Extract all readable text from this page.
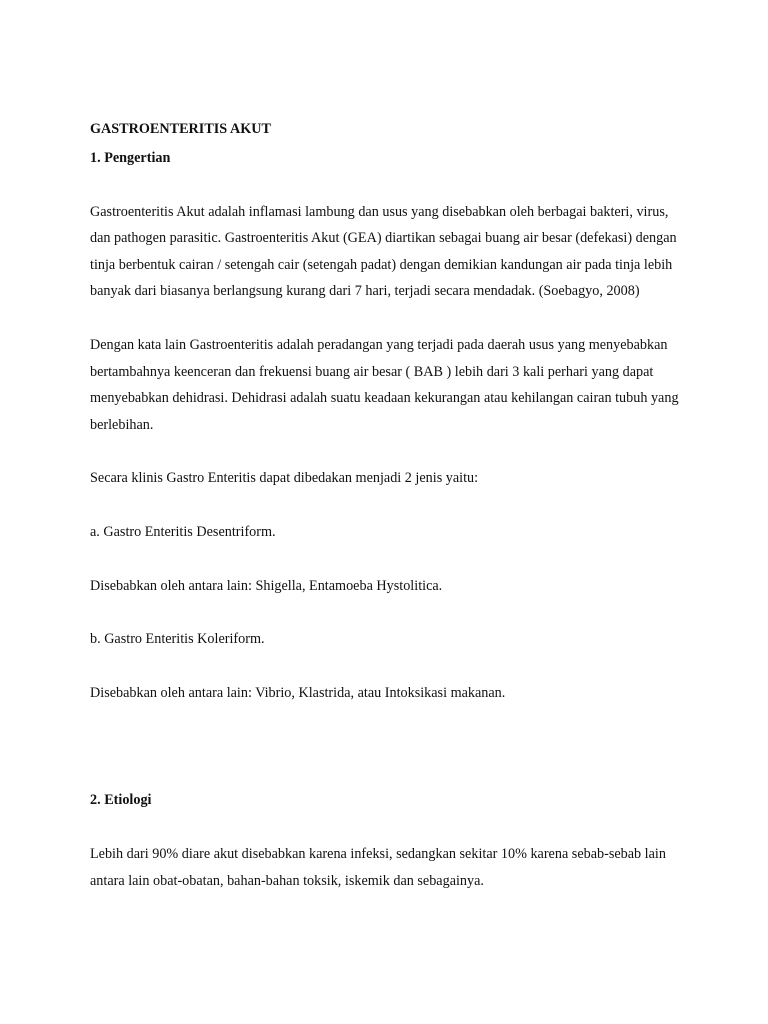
GASTROENTERITIS AKUT
1. Pengertian

Gastroenteritis Akut adalah inflamasi lambung dan usus yang disebabkan oleh berbagai bakteri, virus, dan pathogen parasitic. Gastroenteritis Akut (GEA) diartikan sebagai buang air besar (defekasi) dengan tinja berbentuk cairan / setengah cair (setengah padat) dengan demikian kandungan air pada tinja lebih banyak dari biasanya berlangsung kurang dari 7 hari, terjadi secara mendadak. (Soebagyo, 2008)

Dengan kata lain Gastroenteritis adalah peradangan yang terjadi pada daerah usus yang menyebabkan bertambahnya keenceran dan frekuensi buang air besar ( BAB ) lebih dari 3 kali perhari yang dapat menyebabkan dehidrasi. Dehidrasi adalah suatu keadaan kekurangan atau kehilangan cairan tubuh yang berlebihan.

Secara klinis Gastro Enteritis dapat dibedakan menjadi 2 jenis yaitu:

a. Gastro Enteritis Desentriform.

Disebabkan oleh antara lain: Shigella, Entamoeba Hystolitica.

b. Gastro Enteritis Koleriform.

Disebabkan oleh antara lain: Vibrio, Klastrida, atau Intoksikasi makanan.

2. Etiologi

Lebih dari 90% diare akut disebabkan karena infeksi, sedangkan sekitar 10% karena sebab-sebab lain antara lain obat-obatan, bahan-bahan toksik, iskemik dan sebagainya.
